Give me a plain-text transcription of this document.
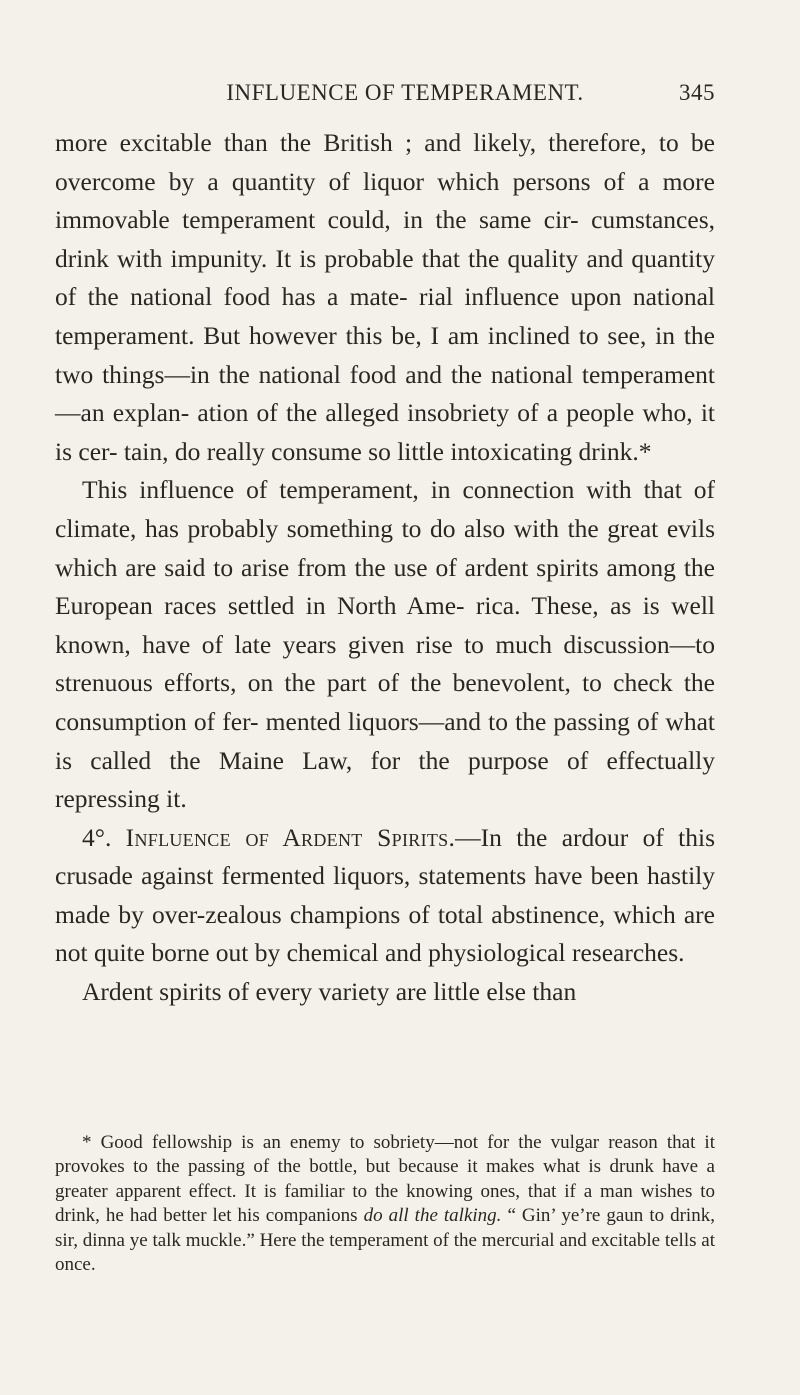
INFLUENCE OF TEMPERAMENT.	345

more excitable than the British ; and likely, therefore, to be overcome by a quantity of liquor which persons of a more immovable temperament could, in the same cir- cumstances, drink with impunity. It is probable that the quality and quantity of the national food has a mate- rial influence upon national temperament. But however this be, I am inclined to see, in the two things—in the national food and the national temperament—an explan- ation of the alleged insobriety of a people who, it is cer- tain, do really consume so little intoxicating drink.*

This influence of temperament, in connection with that of climate, has probably something to do also with the great evils which are said to arise from the use of ardent spirits among the European races settled in North Ame- rica. These, as is well known, have of late years given rise to much discussion—to strenuous efforts, on the part of the benevolent, to check the consumption of fer- mented liquors—and to the passing of what is called the Maine Law, for the purpose of effectually repressing it.

4°. Influence of Ardent Spirits.—In the ardour of this crusade against fermented liquors, statements have been hastily made by over-zealous champions of total abstinence, which are not quite borne out by chemical and physiological researches.

Ardent spirits of every variety are little else than

* Good fellowship is an enemy to sobriety—not for the vulgar reason that it provokes to the passing of the bottle, but because it makes what is drunk have a greater apparent effect. It is familiar to the knowing ones, that if a man wishes to drink, he had better let his companions do all the talking. “ Gin’ ye’re gaun to drink, sir, dinna ye talk muckle.” Here the temperament of the mercurial and excitable tells at once.
